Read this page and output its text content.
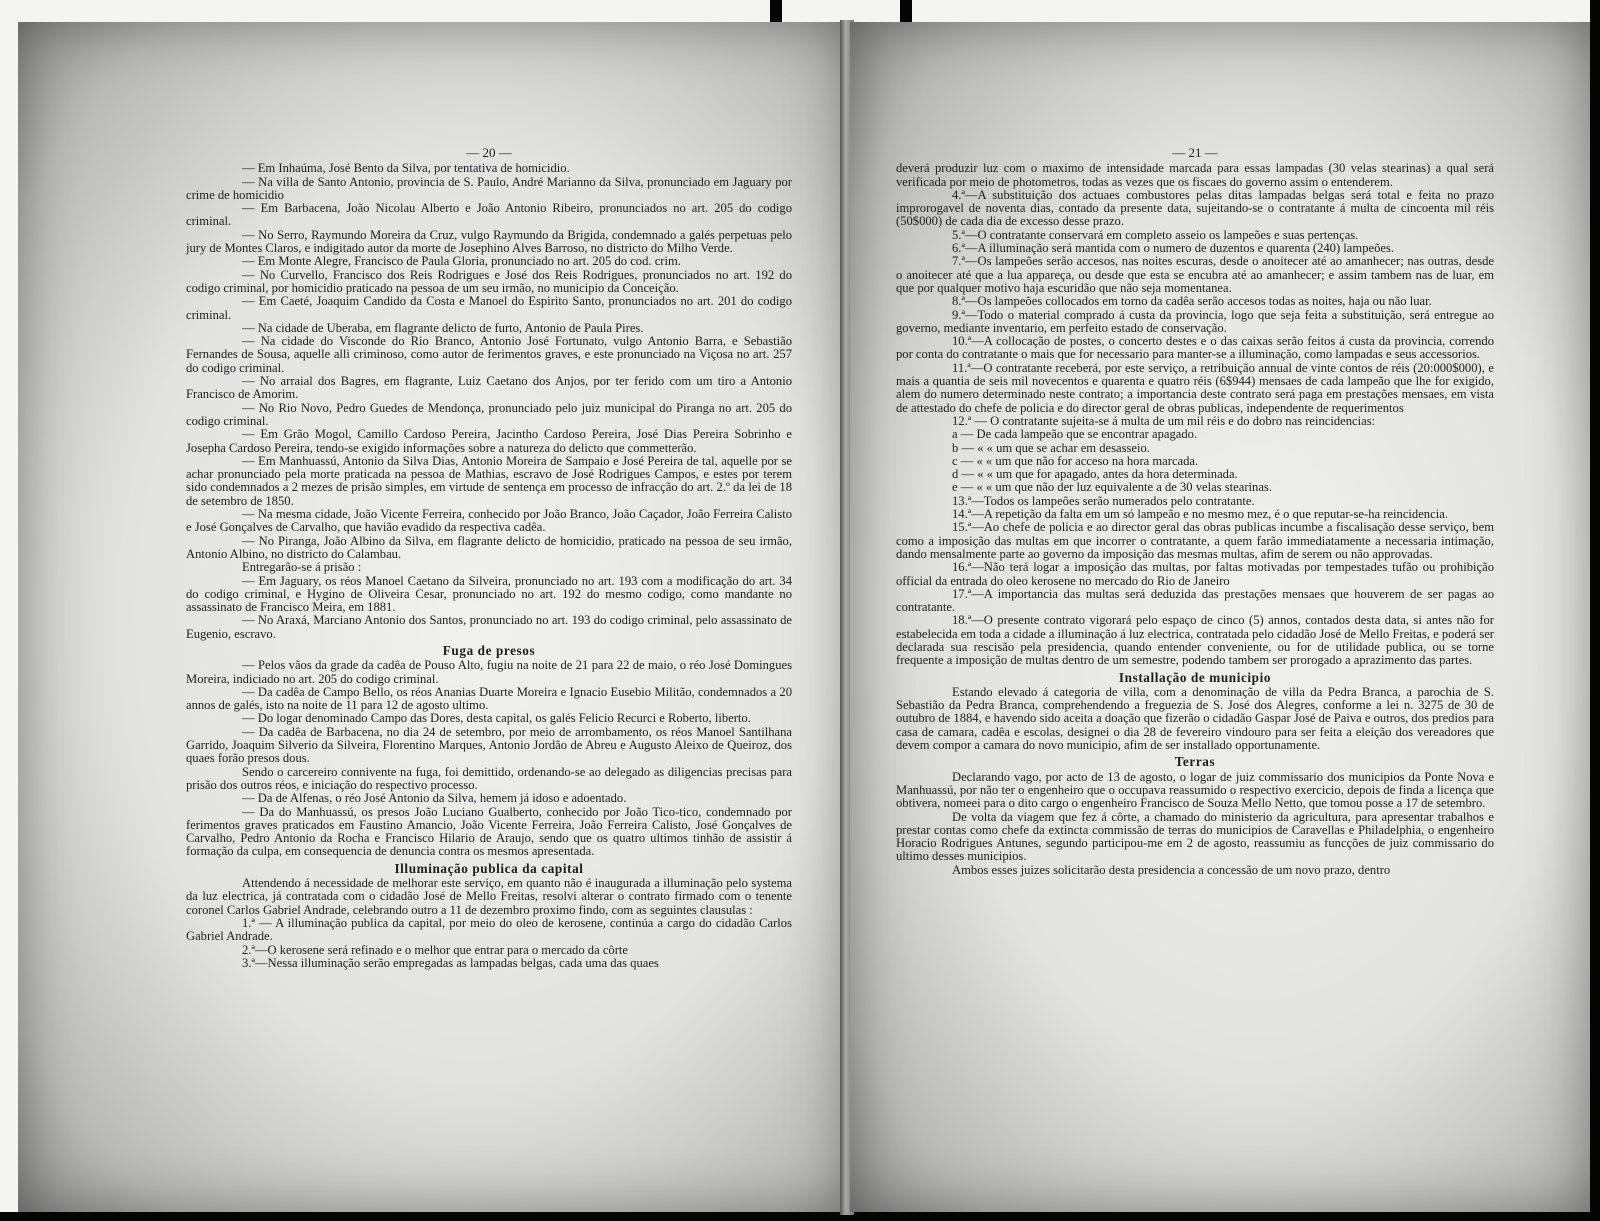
— 20 —

— Em Inhaúma, José Bento da Silva, por tentativa de homicidio.

— Na villa de Santo Antonio, provincia de S. Paulo, André Marianno da Silva, pronunciado em Jaguary por crime de homicidio

— Em Barbacena, João Nicolau Alberto e João Antonio Ribeiro, pronunciados no art. 205 do codigo criminal.

— No Serro, Raymundo Moreira da Cruz, vulgo Raymundo da Brigida, condemnado a galés perpetuas pelo jury de Montes Claros, e indigitado autor da morte de Josephino Alves Barroso, no districto do Milho Verde.

— Em Monte Alegre, Francisco de Paula Gloria, pronunciado no art. 205 do cod. crim.

— No Curvello, Francisco dos Reis Rodrigues e José dos Reis Rodrigues, pronunciados no art. 192 do codigo criminal, por homicidio praticado na pessoa de um seu irmão, no municipio da Conceição.

— Em Caeté, Joaquim Candido da Costa e Manoel do Espirito Santo, pronunciados no art. 201 do codigo criminal.

— Na cidade de Uberaba, em flagrante delicto de furto, Antonio de Paula Pires.

— Na cidade do Visconde do Rio Branco, Antonio José Fortunato, vulgo Antonio Barra, e Sebastião Fernandes de Sousa, aquelle alli criminoso, como autor de ferimentos graves, e este pronunciado na Viçosa no art. 257 do codigo criminal.

— No arraial dos Bagres, em flagrante, Luiz Caetano dos Anjos, por ter ferido com um tiro a Antonio Francisco de Amorim.

— No Rio Novo, Pedro Guedes de Mendonça, pronunciado pelo juiz municipal do Piranga no art. 205 do codigo criminal.

— Em Grão Mogol, Camillo Cardoso Pereira, Jacintho Cardoso Pereira, José Dias Pereira Sobrinho e Josepha Cardoso Pereira, tendo-se exigido informações sobre a natureza do delicto que commetterão.

— Em Manhuassú, Antonio da Silva Dias, Antonio Moreira de Sampaio e José Pereira de tal, aquelle por se achar pronunciado pela morte praticada na pessoa de Mathias, escravo de José Rodrigues Campos, e estes por terem sido condemnados a 2 mezes de prisão simples, em virtude de sentença em processo de infracção do art. 2.º da lei de 18 de setembro de 1850.

— Na mesma cidade, João Vicente Ferreira, conhecido por João Branco, João Caçador, João Ferreira Calisto e José Gonçalves de Carvalho, que havião evadido da respectiva cadêa.

— No Piranga, João Albino da Silva, em flagrante delicto de homicidio, praticado na pessoa de seu irmão, Antonio Albino, no districto do Calambau.

Entregarão-se á prisão :

— Em Jaguary, os réos Manoel Caetano da Silveira, pronunciado no art. 193 com a modificação do art. 34 do codigo criminal, e Hygino de Oliveira Cesar, pronunciado no art. 192 do mesmo codigo, como mandante no assassinato de Francisco Meira, em 1881.

— No Araxá, Marciano Antonio dos Santos, pronunciado no art. 193 do codigo criminal, pelo assassinato de Eugenio, escravo.

Fuga de presos

— Pelos vãos da grade da cadêa de Pouso Alto, fugiu na noite de 21 para 22 de maio, o réo José Domingues Moreira, indiciado no art. 205 do codigo criminal.

— Da cadêa de Campo Bello, os réos Ananias Duarte Moreira e Ignacio Eusebio Militão, condemnados a 20 annos de galés, isto na noite de 11 para 12 de agosto ultimo.

— Do logar denominado Campo das Dores, desta capital, os galés Felicio Recurci e Roberto, liberto.

— Da cadêa de Barbacena, no dia 24 de setembro, por meio de arrombamento, os réos Manoel Santilhana Garrido, Joaquim Silverio da Silveira, Florentino Marques, Antonio Jordão de Abreu e Augusto Aleixo de Queiroz, dos quaes forão presos dous.

Sendo o carcereiro connivente na fuga, foi demittido, ordenando-se ao delegado as diligencias precisas para prisão dos outros réos, e iniciação do respectivo processo.

— Da de Alfenas, o réo José Antonio da Silva, hemem já idoso e adoentado.

— Da do Manhuassú, os presos João Luciano Gualberto, conhecido por João Tico-tico, condemnado por ferimentos graves praticados em Faustino Amancio, João Vicente Ferreira, João Ferreira Calisto, José Gonçalves de Carvalho, Pedro Antonio da Rocha e Francisco Hilario de Araujo, sendo que os quatro ultimos tinhão de assistir á formação da culpa, em consequencia de denuncia contra os mesmos apresentada.

Illuminação publica da capital

Attendendo á necessidade de melhorar este serviço, em quanto não é inaugurada a illuminação pelo systema da luz electrica, já contratada com o cidadão José de Mello Freitas, resolvi alterar o contrato firmado com o tenente coronel Carlos Gabriel Andrade, celebrando outro a 11 de dezembro proximo findo, com as seguintes clausulas :

1.ª — A illuminação publica da capital, por meio do oleo de kerosene, continúa a cargo do cidadão Carlos Gabriel Andrade.

2.ª—O kerosene será refinado e o melhor que entrar para o mercado da côrte

3.ª—Nessa illuminação serão empregadas as lampadas belgas, cada uma das quaes

— 21 —

deverá produzir luz com o maximo de intensidade marcada para essas lampadas (30 velas stearinas) a qual será verificada por meio de photometros, todas as vezes que os fiscaes do governo assim o entenderem.

4.ª—A substituição dos actuaes combustores pelas ditas lampadas belgas será total e feita no prazo improrogavel de noventa dias, contado da presente data, sujeitando-se o contratante á multa de cincoenta mil réis (50$000) de cada dia de excesso desse prazo.

5.ª—O contratante conservará em completo asseio os lampeões e suas pertenças.

6.ª—A illuminação será mantida com o numero de duzentos e quarenta (240) lampeões.

7.ª—Os lampeões serão accesos, nas noites escuras, desde o anoitecer até ao amanhecer; nas outras, desde o anoitecer até que a lua appareça, ou desde que esta se encubra até ao amanhecer; e assim tambem nas de luar, em que por qualquer motivo haja escuridão que não seja momentanea.

8.ª—Os lampeões collocados em torno da cadêa serão accesos todas as noites, haja ou não luar.

9.ª—Todo o material comprado á custa da provincia, logo que seja feita a substituição, será entregue ao governo, mediante inventario, em perfeito estado de conservação.

10.ª—A collocação de postes, o concerto destes e o das caixas serão feitos á custa da provincia, correndo por conta do contratante o mais que for necessario para manter-se a illuminação, como lampadas e seus accessorios.

11.ª—O contratante receberá, por este serviço, a retribuição annual de vinte contos de réis (20:000$000), e mais a quantia de seis mil novecentos e quarenta e quatro réis (6$944) mensaes de cada lampeão que lhe for exigido, alem do numero determinado neste contrato; a importancia deste contrato será paga em prestações mensaes, em vista de attestado do chefe de policia e do director geral de obras publicas, independente de requerimentos

12.ª — O contratante sujeita-se á multa de um mil réis e do dobro nas reincidencias:

a — De cada lampeão que se encontrar apagado.

b — « « um que se achar em desasseio.

c — « « um que não for acceso na hora marcada.

d — « « um que for apagado, antes da hora determinada.

e — « « um que não der luz equivalente a de 30 velas stearinas.

13.ª—Todos os lampeões serão numerados pelo contratante.

14.ª—A repetição da falta em um só lampeão e no mesmo mez, é o que reputar-se-ha reincidencia.

15.ª—Ao chefe de policia e ao director geral das obras publicas incumbe a fiscalisação desse serviço, bem como a imposição das multas em que incorrer o contratante, a quem farão immediatamente a necessaria intimação, dando mensalmente parte ao governo da imposição das mesmas multas, afim de serem ou não approvadas.

16.ª—Não terá logar a imposição das multas, por faltas motivadas por tempestades tufão ou prohibição official da entrada do oleo kerosene no mercado do Rio de Janeiro

17.ª—A importancia das multas será deduzida das prestações mensaes que houverem de ser pagas ao contratante.

18.ª—O presente contrato vigorará pelo espaço de cinco (5) annos, contados desta data, si antes não for estabelecida em toda a cidade a illuminação á luz electrica, contratada pelo cidadão José de Mello Freitas, e poderá ser declarada sua rescisão pela presidencia, quando entender conveniente, ou for de utilidade publica, ou se torne frequente a imposição de multas dentro de um semestre, podendo tambem ser prorogado a aprazimento das partes.

Installação de municipio

Estando elevado á categoria de villa, com a denominação de villa da Pedra Branca, a parochia de S. Sebastião da Pedra Branca, comprehendendo a freguezia de S. José dos Alegres, conforme a lei n. 3275 de 30 de outubro de 1884, e havendo sido aceita a doação que fizerão o cidadão Gaspar José de Paiva e outros, dos predios para casa de camara, cadêa e escolas, designei o dia 28 de fevereiro vindouro para ser feita a eleição dos vereadores que devem compor a camara do novo municipio, afim de ser installado opportunamente.

Terras

Declarando vago, por acto de 13 de agosto, o logar de juiz commissario dos municipios da Ponte Nova e Manhuassú, por não ter o engenheiro que o occupava reassumido o respectivo exercicio, depois de finda a licença que obtivera, nomeei para o dito cargo o engenheiro Francisco de Souza Mello Netto, que tomou posse a 17 de setembro.

De volta da viagem que fez á côrte, a chamado do ministerio da agricultura, para apresentar trabalhos e prestar contas como chefe da extincta commissão de terras do municipios de Caravellas e Philadelphia, o engenheiro Horacio Rodrigues Antunes, segundo participou-me em 2 de agosto, reassumiu as funcções de juiz commissario do ultimo desses municipios.

Ambos esses juizes solicitarão desta presidencia a concessão de um novo prazo, dentro
